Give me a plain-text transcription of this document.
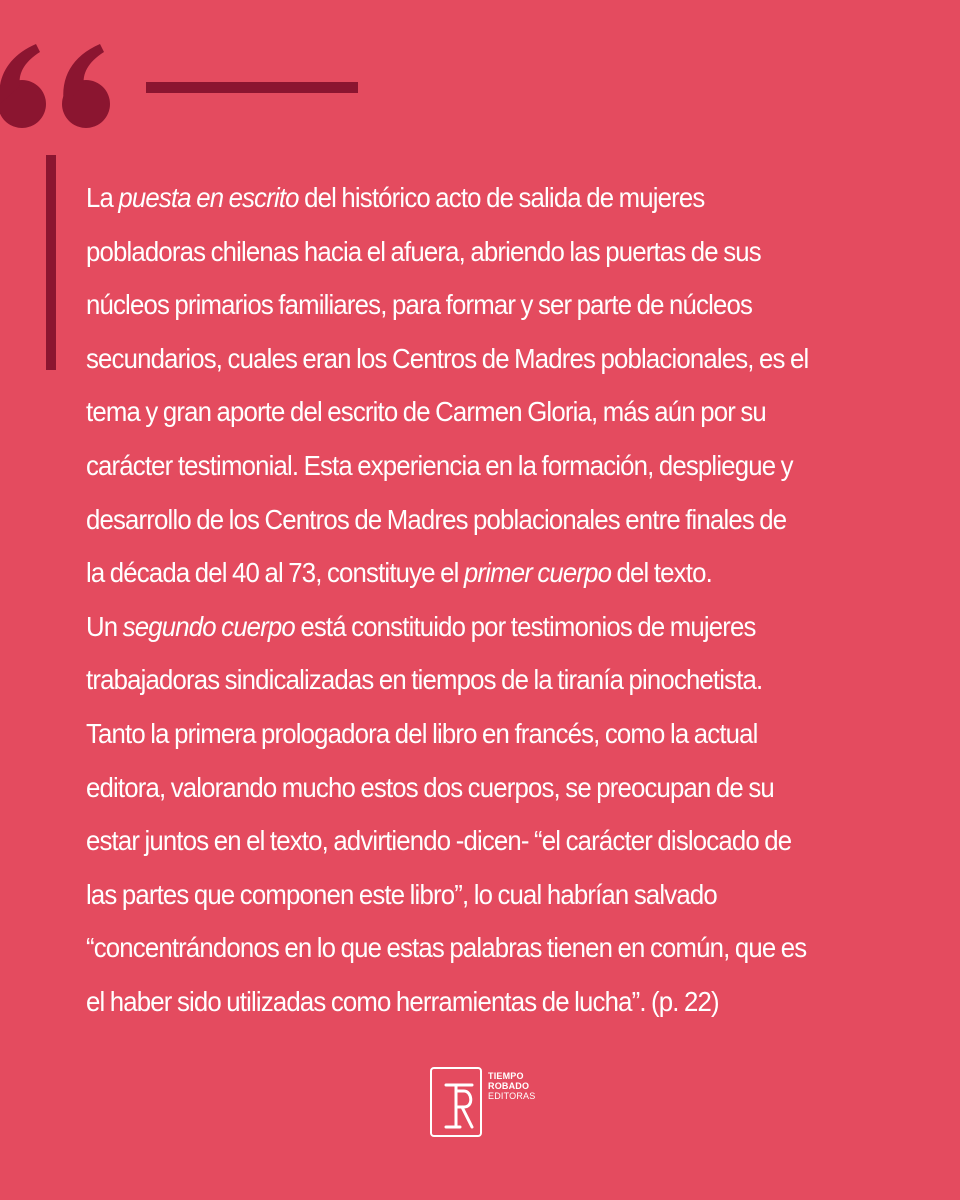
La puesta en escrito del histórico acto de salida de mujeres
pobladoras chilenas hacia el afuera, abriendo las puertas de sus
núcleos primarios familiares, para formar y ser parte de núcleos
secundarios, cuales eran los Centros de Madres poblacionales, es el
tema y gran aporte del escrito de Carmen Gloria, más aún por su
carácter testimonial. Esta experiencia en la formación, despliegue y
desarrollo de los Centros de Madres poblacionales entre finales de
la década del 40 al 73, constituye el primer cuerpo del texto.
Un segundo cuerpo está constituido por testimonios de mujeres
trabajadoras sindicalizadas en tiempos de la tiranía pinochetista.
Tanto la primera prologadora del libro en francés, como la actual
editora, valorando mucho estos dos cuerpos, se preocupan de su
estar juntos en el texto, advirtiendo -dicen- “el carácter dislocado de
las partes que componen este libro”, lo cual habrían salvado
“concentrándonos en lo que estas palabras tienen en común, que es
el haber sido utilizadas como herramientas de lucha”. (p. 22)
TIEMPO
ROBADO
EDITORAS
